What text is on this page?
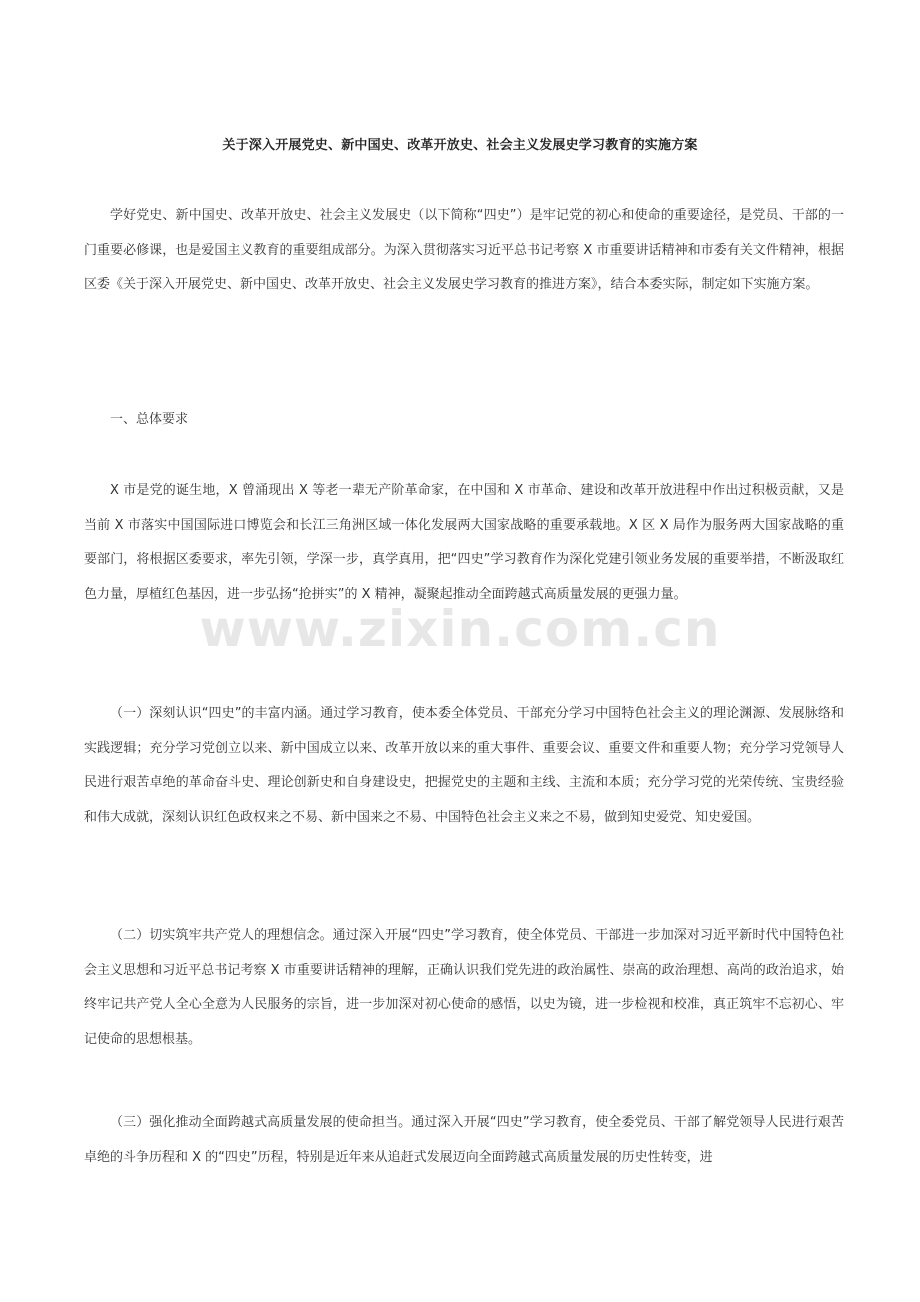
关于深入开展党史、新中国史、改革开放史、社会主义发展史学习教育的实施方案

学好党史、新中国史、改革开放史、社会主义发展史（以下简称“四史”）是牢记党的初心和使命的重要途径，是党员、干部的一门重要必修课，也是爱国主义教育的重要组成部分。为深入贯彻落实习近平总书记考察 X 市重要讲话精神和市委有关文件精神，根据区委《关于深入开展党史、新中国史、改革开放史、社会主义发展史学习教育的推进方案》，结合本委实际，制定如下实施方案。

一、总体要求

X 市是党的诞生地，X 曾涌现出 X 等老一辈无产阶革命家，在中国和 X 市革命、建设和改革开放进程中作出过积极贡献，又是当前 X 市落实中国国际进口博览会和长江三角洲区域一体化发展两大国家战略的重要承载地。X 区 X 局作为服务两大国家战略的重要部门，将根据区委要求，率先引领，学深一步，真学真用，把“四史”学习教育作为深化党建引领业务发展的重要举措，不断汲取红色力量，厚植红色基因，进一步弘扬“抢拼实”的 X 精神，凝聚起推动全面跨越式高质量发展的更强力量。

（一）深刻认识“四史”的丰富内涵。通过学习教育，使本委全体党员、干部充分学习中国特色社会主义的理论渊源、发展脉络和实践逻辑；充分学习党创立以来、新中国成立以来、改革开放以来的重大事件、重要会议、重要文件和重要人物；充分学习党领导人民进行艰苦卓绝的革命奋斗史、理论创新史和自身建设史，把握党史的主题和主线、主流和本质；充分学习党的光荣传统、宝贵经验和伟大成就，深刻认识红色政权来之不易、新中国来之不易、中国特色社会主义来之不易，做到知史爱党、知史爱国。

（二）切实筑牢共产党人的理想信念。通过深入开展“四史”学习教育，使全体党员、干部进一步加深对习近平新时代中国特色社会主义思想和习近平总书记考察 X 市重要讲话精神的理解，正确认识我们党先进的政治属性、崇高的政治理想、高尚的政治追求，始终牢记共产党人全心全意为人民服务的宗旨，进一步加深对初心使命的感悟，以史为镜，进一步检视和校准，真正筑牢不忘初心、牢记使命的思想根基。

（三）强化推动全面跨越式高质量发展的使命担当。通过深入开展“四史”学习教育，使全委党员、干部了解党领导人民进行艰苦卓绝的斗争历程和 X 的“四史”历程，特别是近年来从追赶式发展迈向全面跨越式高质量发展的历史性转变，进

www.zixin.com.cn
